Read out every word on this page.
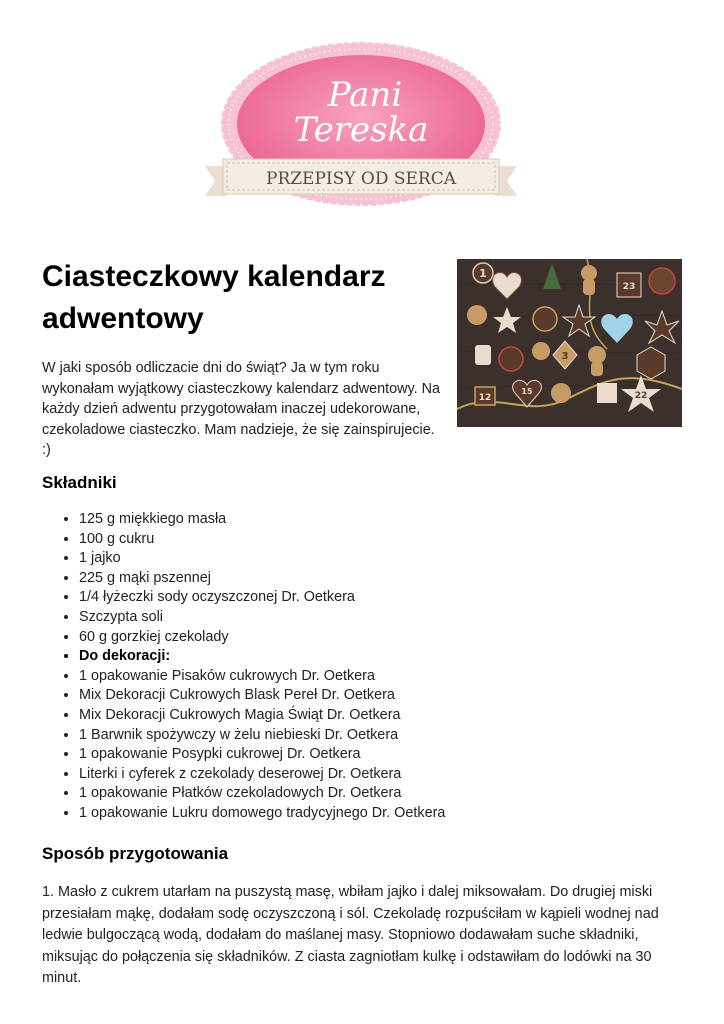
Pani
Tereska
PRZEPISY OD SERCA
Ciasteczkowy kalendarz adwentowy
1
3
12
15	22
23

W jaki sposób odliczacie dni do świąt? Ja w tym roku wykonałam wyjątkowy ciasteczkowy kalendarz adwentowy. Na każdy dzień adwentu przygotowałam inaczej udekorowane, czekoladowe ciasteczko. Mam nadzieje, że się zainspirujecie. :)

Składniki
• 125 g miękkiego masła
• 100 g cukru
• 1 jajko
• 225 g mąki pszennej
• 1/4 łyżeczki sody oczyszczonej Dr. Oetkera
• Szczypta soli
• 60 g gorzkiej czekolady
• Do dekoracji:
• 1 opakowanie Pisaków cukrowych Dr. Oetkera
• Mix Dekoracji Cukrowych Blask Pereł Dr. Oetkera
• Mix Dekoracji Cukrowych Magia Świąt Dr. Oetkera
• 1 Barwnik spożywczy w żelu niebieski Dr. Oetkera
• 1 opakowanie Posypki cukrowej Dr. Oetkera
• Literki i cyferek z czekolady deserowej Dr. Oetkera
• 1 opakowanie Płatków czekoladowych Dr. Oetkera
• 1 opakowanie Lukru domowego tradycyjnego Dr. Oetkera
Sposób przygotowania

1. Masło z cukrem utarłam na puszystą masę, wbiłam jajko i dalej miksowałam. Do drugiej miski przesiałam mąkę, dodałam sodę oczyszczoną i sól. Czekoladę rozpuściłam w kąpieli wodnej nad ledwie bulgoczącą wodą, dodałam do maślanej masy. Stopniowo dodawałam suche składniki, miksując do połączenia się składników. Z ciasta zagniotłam kulkę i odstawiłam do lodówki na 30 minut.
